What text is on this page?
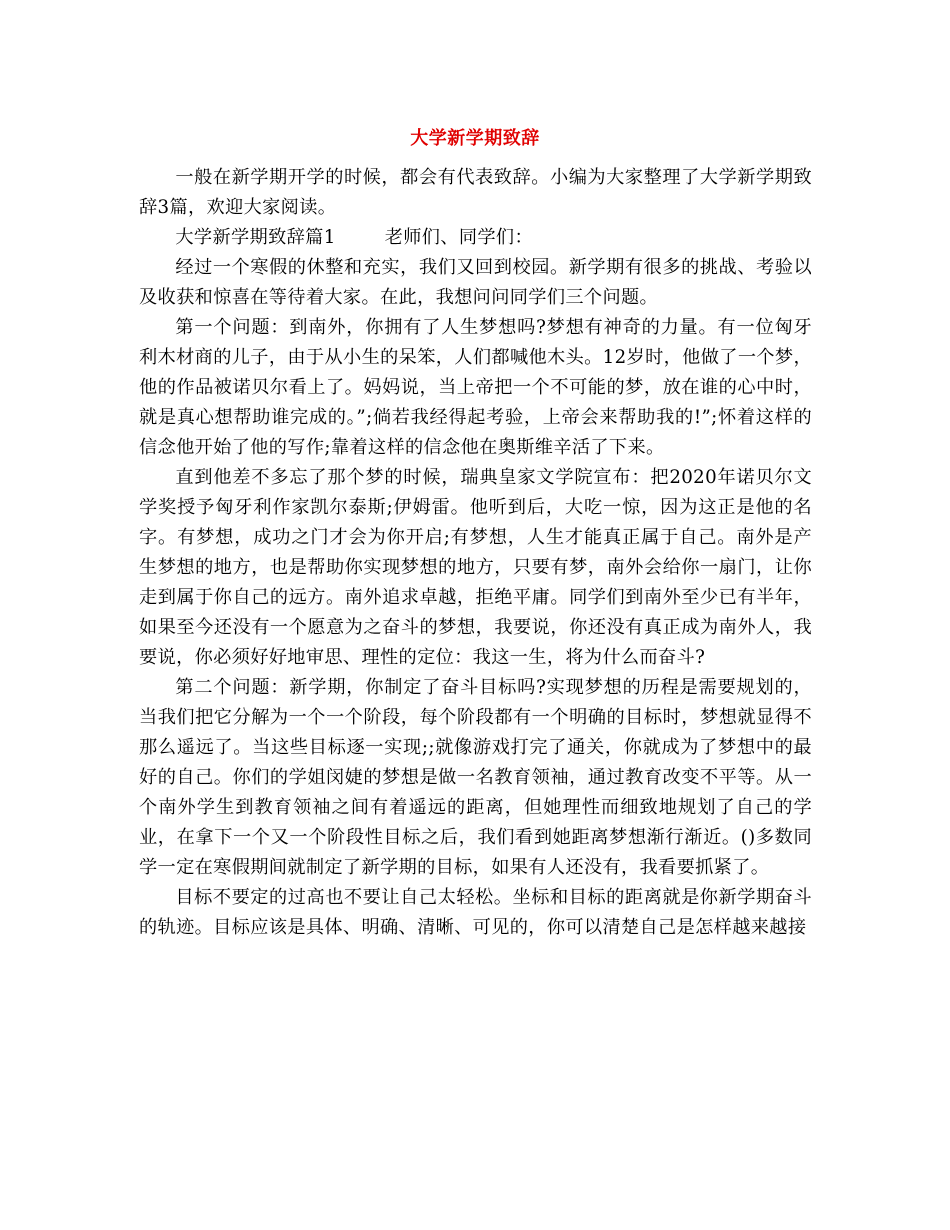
大学新学期致辞

一般在新学期开学的时候，都会有代表致辞。小编为大家整理了大学新学期致辞3篇，欢迎大家阅读。

大学新学期致辞篇1	老师们、同学们：

经过一个寒假的休整和充实，我们又回到校园。新学期有很多的挑战、考验以及收获和惊喜在等待着大家。在此，我想问问同学们三个问题。

第一个问题：到南外，你拥有了人生梦想吗?梦想有神奇的力量。有一位匈牙利木材商的儿子，由于从小生的呆笨，人们都喊他木头。12岁时，他做了一个梦，他的作品被诺贝尔看上了。妈妈说，当上帝把一个不可能的梦，放在谁的心中时，就是真心想帮助谁完成的。”;倘若我经得起考验，上帝会来帮助我的!”;怀着这样的信念他开始了他的写作;靠着这样的信念他在奥斯维辛活了下来。

直到他差不多忘了那个梦的时候，瑞典皇家文学院宣布：把2020年诺贝尔文学奖授予匈牙利作家凯尔泰斯;伊姆雷。他听到后，大吃一惊，因为这正是他的名字。有梦想，成功之门才会为你开启;有梦想，人生才能真正属于自己。南外是产生梦想的地方，也是帮助你实现梦想的地方，只要有梦，南外会给你一扇门，让你走到属于你自己的远方。南外追求卓越，拒绝平庸。同学们到南外至少已有半年，如果至今还没有一个愿意为之奋斗的梦想，我要说，你还没有真正成为南外人，我要说，你必须好好地审思、理性的定位：我这一生，将为什么而奋斗?

第二个问题：新学期，你制定了奋斗目标吗?实现梦想的历程是需要规划的，当我们把它分解为一个一个阶段，每个阶段都有一个明确的目标时，梦想就显得不那么遥远了。当这些目标逐一实现;;就像游戏打完了通关，你就成为了梦想中的最好的自己。你们的学姐闵婕的梦想是做一名教育领袖，通过教育改变不平等。从一个南外学生到教育领袖之间有着遥远的距离，但她理性而细致地规划了自己的学业，在拿下一个又一个阶段性目标之后，我们看到她距离梦想渐行渐近。()多数同学一定在寒假期间就制定了新学期的目标，如果有人还没有，我看要抓紧了。

目标不要定的过高也不要让自己太轻松。坐标和目标的距离就是你新学期奋斗的轨迹。目标应该是具体、明确、清晰、可见的，你可以清楚自己是怎样越来越接
